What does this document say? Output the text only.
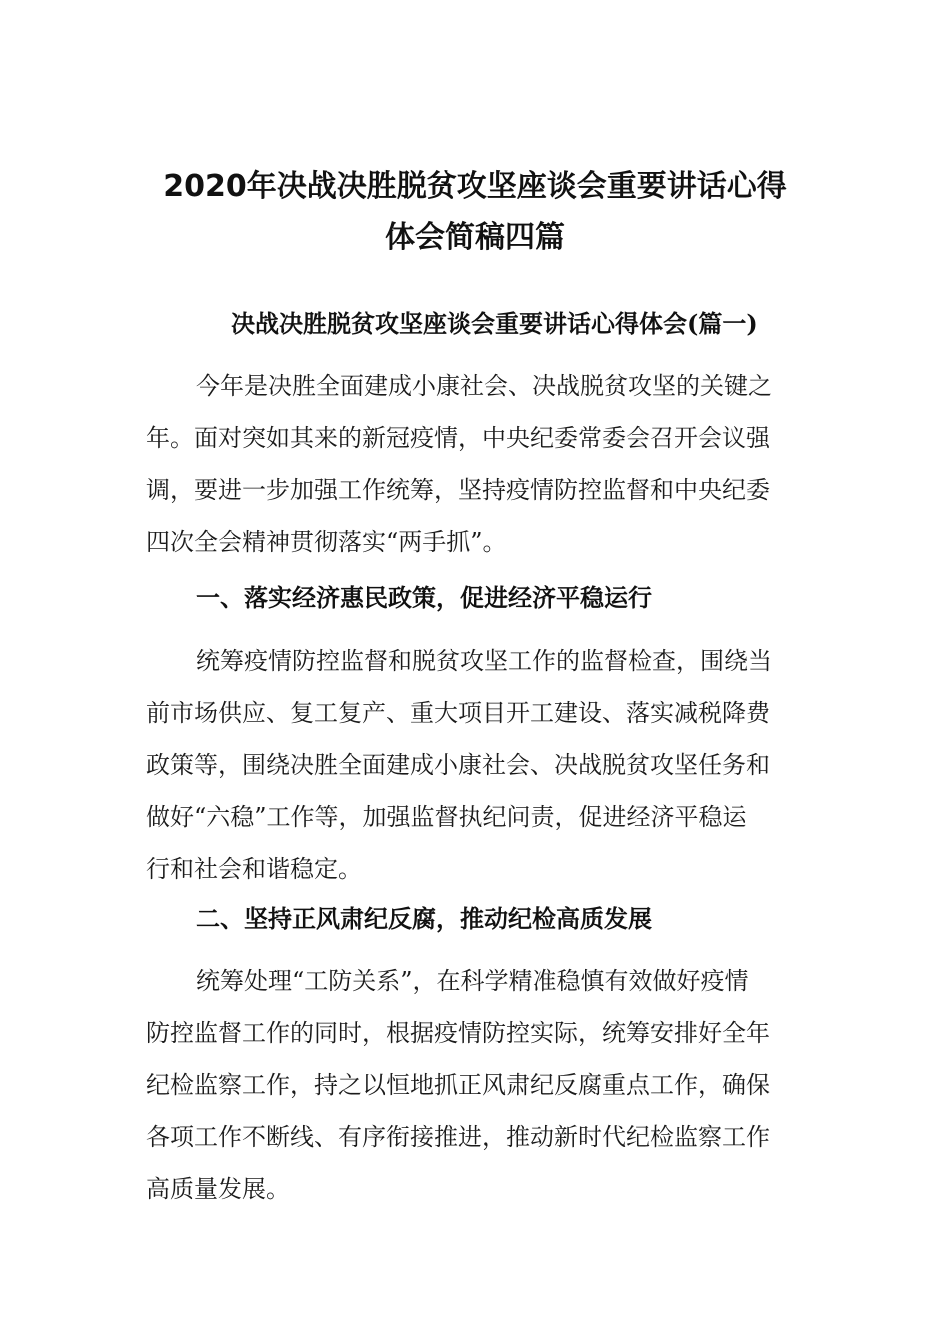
2020年决战决胜脱贫攻坚座谈会重要讲话心得
体会简稿四篇
决战决胜脱贫攻坚座谈会重要讲话心得体会(篇一)

今年是决胜全面建成小康社会、决战脱贫攻坚的关键之
年。面对突如其来的新冠疫情，中央纪委常委会召开会议强
调，要进一步加强工作统筹，坚持疫情防控监督和中央纪委
四次全会精神贯彻落实“两手抓”。

一、落实经济惠民政策，促进经济平稳运行

统筹疫情防控监督和脱贫攻坚工作的监督检查，围绕当
前市场供应、复工复产、重大项目开工建设、落实减税降费
政策等，围绕决胜全面建成小康社会、决战脱贫攻坚任务和
做好“六稳”工作等，加强监督执纪问责，促进经济平稳运
行和社会和谐稳定。

二、坚持正风肃纪反腐，推动纪检高质发展

统筹处理“工防关系”，在科学精准稳慎有效做好疫情
防控监督工作的同时，根据疫情防控实际，统筹安排好全年
纪检监察工作，持之以恒地抓正风肃纪反腐重点工作，确保
各项工作不断线、有序衔接推进，推动新时代纪检监察工作
高质量发展。
